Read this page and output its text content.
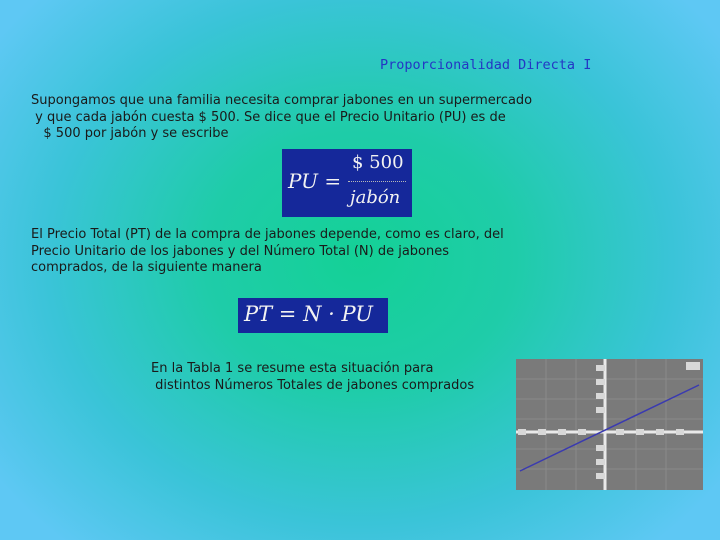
Proporcionalidad Directa I

Supongamos que una familia necesita comprar jabones en un supermercado
y que cada jabón cuesta $ 500. Se dice que el Precio Unitario (PU) es de
$ 500 por jabón y se escribe

PU =
$ 500
jabón

El Precio Total (PT) de la compra de jabones depende, como es claro, del
Precio Unitario de los jabones y del Número Total (N) de jabones
comprados, de la siguiente manera

PT = N · PU

En la Tabla 1 se resume esta situación para
distintos Números Totales de jabones comprados
